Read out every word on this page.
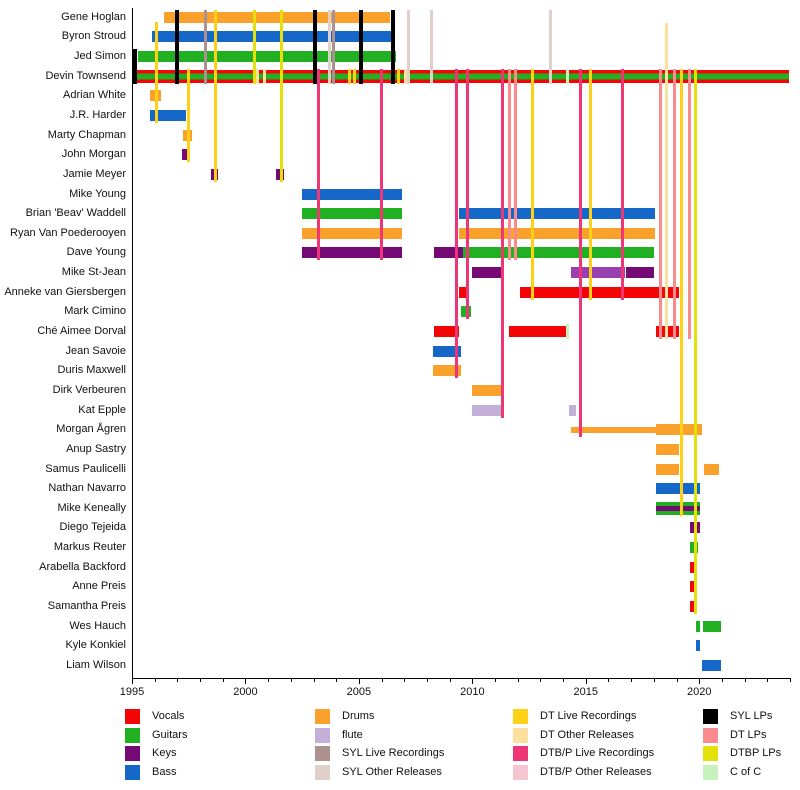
Gene Hoglan
Byron Stroud
Jed Simon
Devin Townsend
Adrian White
J.R. Harder
Marty Chapman
John Morgan
Jamie Meyer
Mike Young
Brian 'Beav' Waddell
Ryan Van Poederooyen
Dave Young
Mike St-Jean
Anneke van Giersbergen
Mark Cimino
Ché Aimee Dorval
Jean Savoie
Duris Maxwell
Dirk Verbeuren
Kat Epple
Morgan Ågren
Anup Sastry
Samus Paulicelli
Nathan Navarro
Mike Keneally
Diego Tejeida
Markus Reuter
Arabella Backford
Anne Preis
Samantha Preis
Wes Hauch
Kyle Konkiel
Liam Wilson
1995	2000	2005	2010	2015	2020
Vocals
Guitars
Keys
Bass
Drums
flute
SYL Live Recordings
SYL Other Releases
DT Live Recordings
DT Other Releases
DTB/P Live Recordings
DTB/P Other Releases
SYL LPs
DT LPs
DTBP LPs
C of C
